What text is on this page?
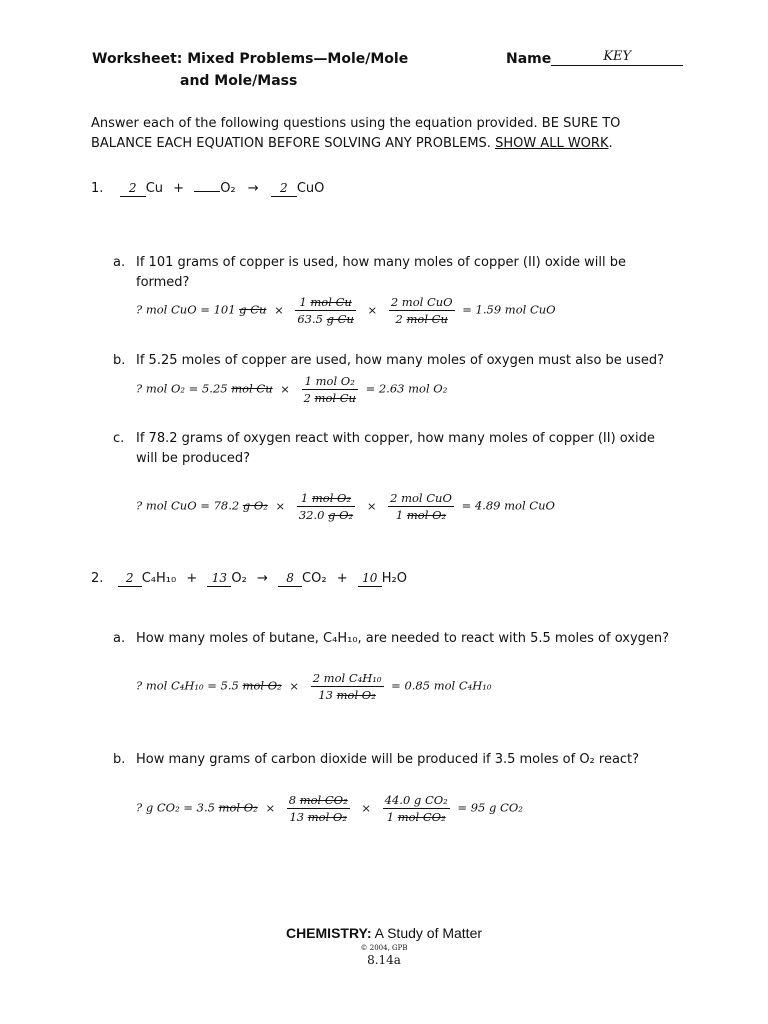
Worksheet: Mixed Problems—Mole/Mole
and Mole/Mass
Name	KEY
Answer each of the following questions using the equation provided. BE SURE TO
BALANCE EACH EQUATION BEFORE SOLVING ANY PROBLEMS. SHOW ALL WORK.
1. 2 Cu +	O₂ → 2 CuO
a. If 101 grams of copper is used, how many moles of copper (II) oxide will be
formed?
? mol CuO = 101 g $Cu \times \frac{\text{1 mol Cu}}{\text{63.5 g Cu}} \times \frac{\text{2 mol CuO}}{\text{2 mol Cu}} = 1.59$ mol CuO
b. If 5.25 moles of copper are used, how many moles of oxygen must also be used?
? mol O₂ = 5.25 mol $Cu \times \frac{\text{1 mol O₂}}{\text{2 mol Cu}} = 2.63$ mol O₂
c. If 78.2 grams of oxygen react with copper, how many moles of copper (II) oxide
will be produced?
? mol CuO = 78.2 g $O_2 \times \frac{\text{1 mol O₂}}{\text{32.0 g O₂}} \times \frac{\text{2 mol CuO}}{\text{1 mol O₂}} = 4.89$ mol CuO
2. 2 C₄H₁₀ + 13 O₂ → 8 CO₂ + 10 H₂O
a. How many moles of butane, C₄H₁₀, are needed to react with 5.5 moles of oxygen?
? mol C₄H₁₀ = 5.5 mol $O_2 \times \frac{\text{2 mol C₄H₁₀}}{\text{13 mol O₂}} = 0.85$ mol C₄H₁₀
b. How many grams of carbon dioxide will be produced if 3.5 moles of O₂ react?
? g CO₂ = 3.5 mol $O_2 \times \frac{\text{8 mol CO₂}}{\text{13 mol O₂}} \times \frac{\text{44.0 g CO₂}}{\text{1 mol CO₂}} = 95$ g CO₂
CHEMISTRY: A Study of Matter
© 2004, GPB
8.14a
